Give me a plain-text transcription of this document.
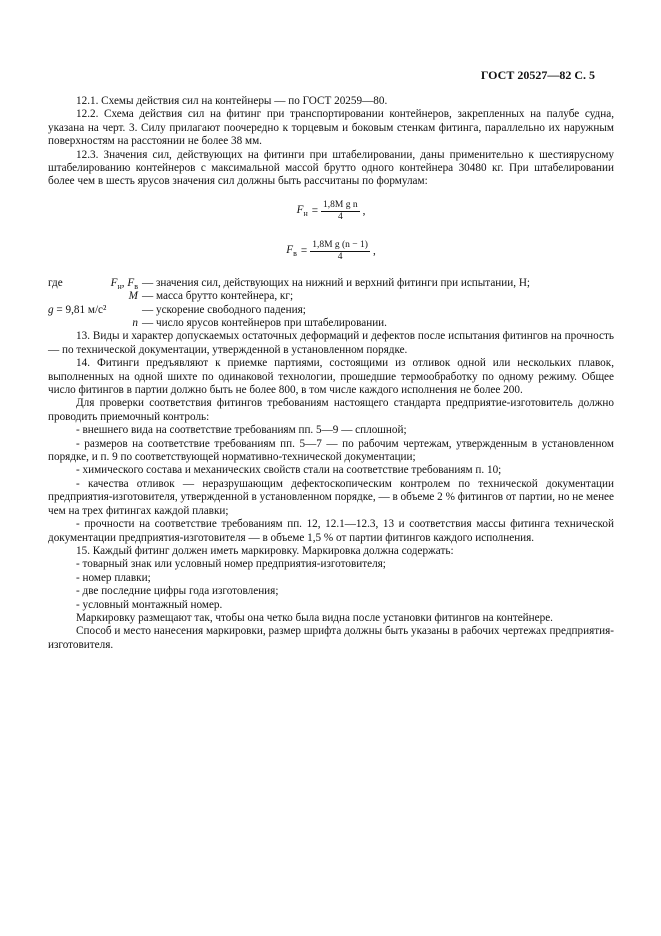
ГОСТ 20527—82 С. 5

12.1. Схемы действия сил на контейнеры — по ГОСТ 20259—80.

12.2. Схема действия сил на фитинг при транспортировании контейнеров, закрепленных на палубе судна, указана на черт. 3. Силу прилагают поочередно к торцевым и боковым стенкам фитинга, параллельно их наружным поверхностям на расстоянии не более 38 мм.

12.3. Значения сил, действующих на фитинги при штабелировании, даны применительно к шестиярусному штабелированию контейнеров с максимальной массой брутто одного контейнера 30480 кг. При штабелировании более чем в шесть ярусов значения сил должны быть рассчитаны по формулам:

$F_н = \frac{\text{1,8M g n}}{4}$ ,
$F_в = \frac{\text{1,8M g (n − 1)}}{4}$ ,
где	$F_н$, $F_в$ — значения сил, действующих на нижний и верхний фитинги при испытании, Н;
M — масса брутто контейнера, кг;
g = 9,81 м/с²	— ускорение свободного падения;
n — число ярусов контейнеров при штабелировании.

13. Виды и характер допускаемых остаточных деформаций и дефектов после испытания фитингов на прочность — по технической документации, утвержденной в установленном порядке.

14. Фитинги предъявляют к приемке партиями, состоящими из отливок одной или нескольких плавок, выполненных на одной шихте по одинаковой технологии, прошедшие термообработку по одному режиму. Общее число фитингов в партии должно быть не более 800, в том числе каждого исполнения не более 200.

Для проверки соответствия фитингов требованиям настоящего стандарта предприятие-изготовитель должно проводить приемочный контроль:

- внешнего вида на соответствие требованиям пп. 5—9 — сплошной;

- размеров на соответствие требованиям пп. 5—7 — по рабочим чертежам, утвержденным в установленном порядке, и п. 9 по соответствующей нормативно-технической документации;

- химического состава и механических свойств стали на соответствие требованиям п. 10;

- качества отливок — неразрушающим дефектоскопическим контролем по технической документации предприятия-изготовителя, утвержденной в установленном порядке, — в объеме 2 % фитингов от партии, но не менее чем на трех фитингах каждой плавки;

- прочности на соответствие требованиям пп. 12, 12.1—12.3, 13 и соответствия массы фитинга технической документации предприятия-изготовителя — в объеме 1,5 % от партии фитингов каждого исполнения.

15. Каждый фитинг должен иметь маркировку. Маркировка должна содержать:

- товарный знак или условный номер предприятия-изготовителя;

- номер плавки;

- две последние цифры года изготовления;

- условный монтажный номер.

Маркировку размещают так, чтобы она четко была видна после установки фитингов на контейнере.

Способ и место нанесения маркировки, размер шрифта должны быть указаны в рабочих чертежах предприятия-изготовителя.
